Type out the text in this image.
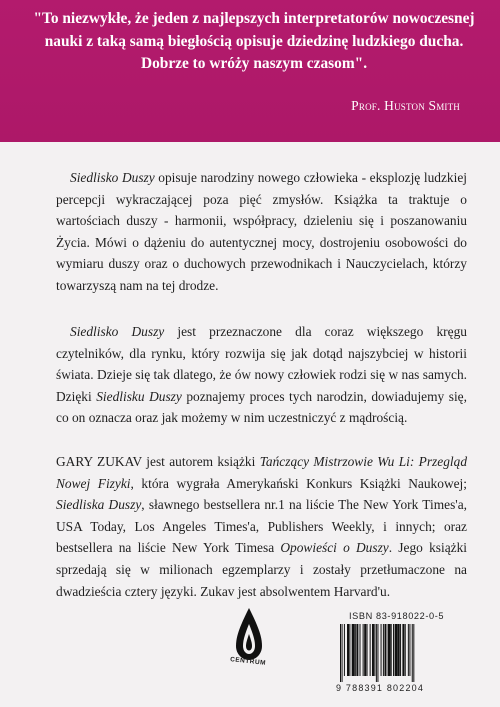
"To niezwykłe, że jeden z najlepszych interpretatorów nowoczesnej nauki z taką samą biegłością opisuje dziedzinę ludzkiego ducha. Dobrze to wróży naszym czasom".

Prof. Huston Smith

Siedlisko Duszy opisuje narodziny nowego człowieka - eksplozję ludzkiej percepcji wykraczającej poza pięć zmysłów. Książka ta traktuje o wartościach duszy - harmonii, współpracy, dzieleniu się i poszanowaniu Życia. Mówi o dążeniu do autentycznej mocy, dostrojeniu osobowości do wymiaru duszy oraz o duchowych przewodnikach i Nauczycielach, którzy towarzyszą nam na tej drodze.

Siedlisko Duszy jest przeznaczone dla coraz większego kręgu czytelników, dla rynku, który rozwija się jak dotąd najszybciej w historii świata. Dzieje się tak dlatego, że ów nowy człowiek rodzi się w nas samych. Dzięki Siedlisku Duszy poznajemy proces tych narodzin, dowiadujemy się, co on oznacza oraz jak możemy w nim uczestniczyć z mądrością.

GARY ZUKAV jest autorem książki Tańczący Mistrzowie Wu Li: Przegląd Nowej Fizyki, która wygrała Amerykański Konkurs Książki Naukowej; Siedliska Duszy, sławnego bestsellera nr.1 na liście The New York Times'a, USA Today, Los Angeles Times'a, Publishers Weekly, i innych; oraz bestsellera na liście New York Timesa Opowieści o Duszy. Jego książki sprzedają się w milionach egzemplarzy i zostały przetłumaczone na dwadzieścia cztery języki. Zukav jest absolwentem Harvard'u.

CENTRUM

ISBN 83-918022-0-5

9 788391 802204
